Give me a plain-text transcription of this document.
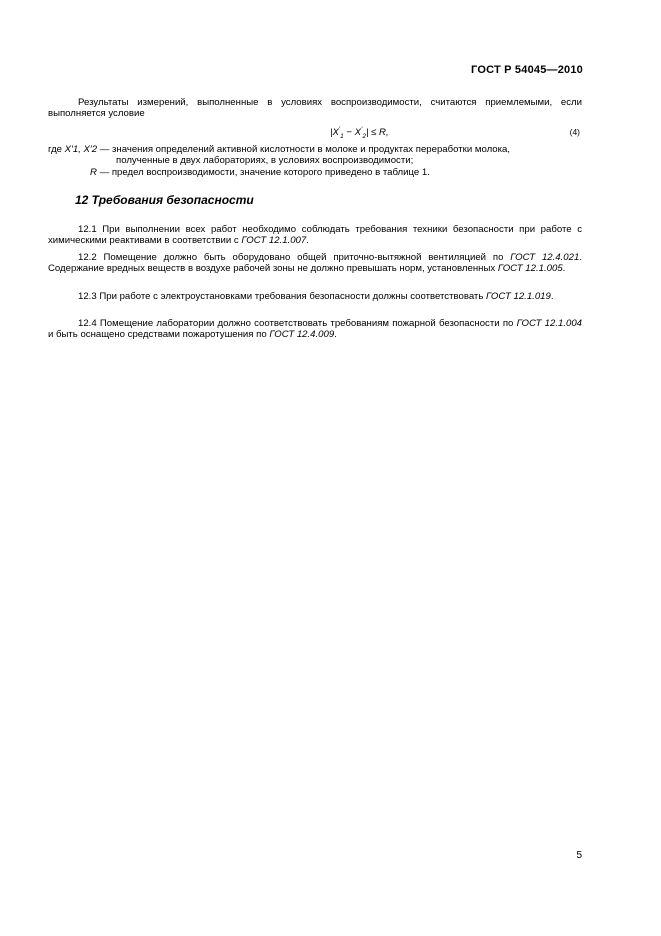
ГОСТ Р 54045—2010
Результаты измерений, выполненные в условиях воспроизводимости, считаются приемлемыми, если выполняется условие
$|X'_1 - X'_2| \le R$,	(4)
где X′1, X′2 — значения определений активной кислотности в молоке и продуктах переработки молока,
полученные в двух лабораториях, в условиях воспроизводимости;
R — предел воспроизводимости, значение которого приведено в таблице 1.
12 Требования безопасности
12.1 При выполнении всех работ необходимо соблюдать требования техники безопасности при работе с химическими реактивами в соответствии с ГОСТ 12.1.007.
12.2 Помещение должно быть оборудовано общей приточно-вытяжной вентиляцией по ГОСТ 12.4.021. Содержание вредных веществ в воздухе рабочей зоны не должно превышать норм, установленных ГОСТ 12.1.005.
12.3 При работе с электроустановками требования безопасности должны соответствовать ГОСТ 12.1.019.
12.4 Помещение лаборатории должно соответствовать требованиям пожарной безопасности по ГОСТ 12.1.004 и быть оснащено средствами пожаротушения по ГОСТ 12.4.009.
5
